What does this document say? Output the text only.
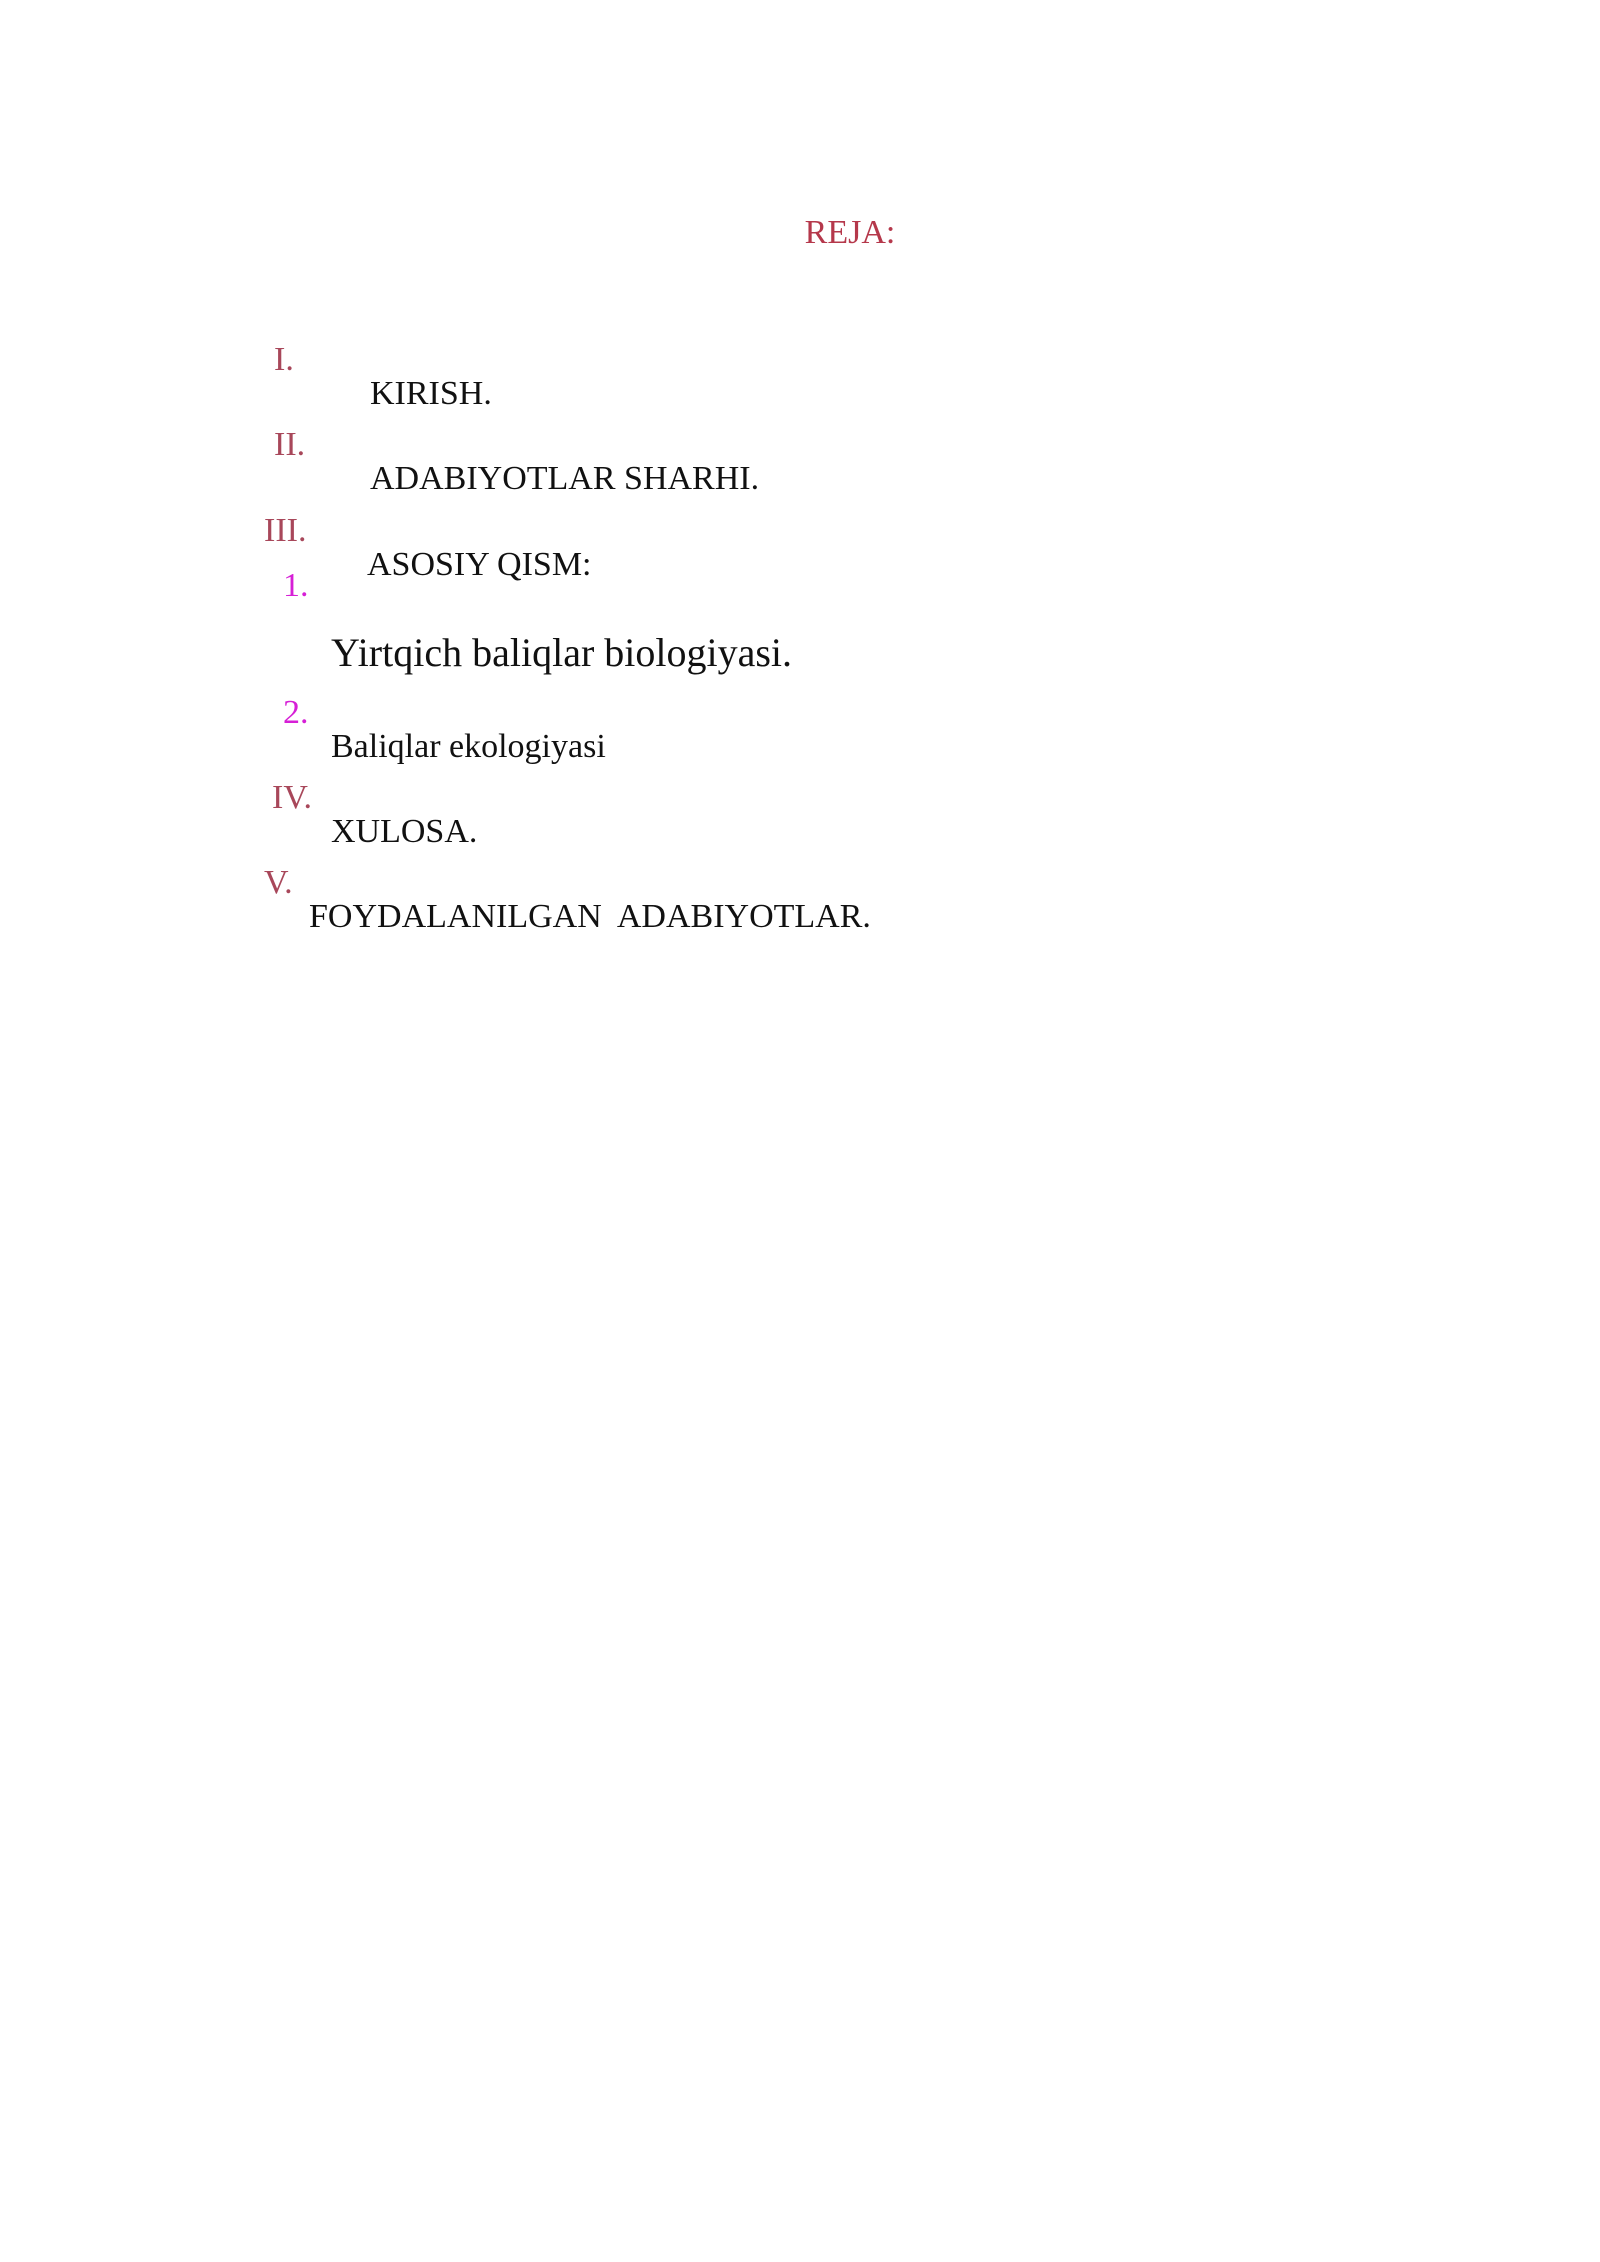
REJA:

I.

KIRISH.

II.

ADABIYOTLAR SHARHI.

III.

ASOSIY QISM:

1.

Yirtqich baliqlar biologiyasi.

2.

Baliqlar ekologiyasi

IV.

XULOSA.

V.

FOYDALANILGAN  ADABIYOTLAR.
